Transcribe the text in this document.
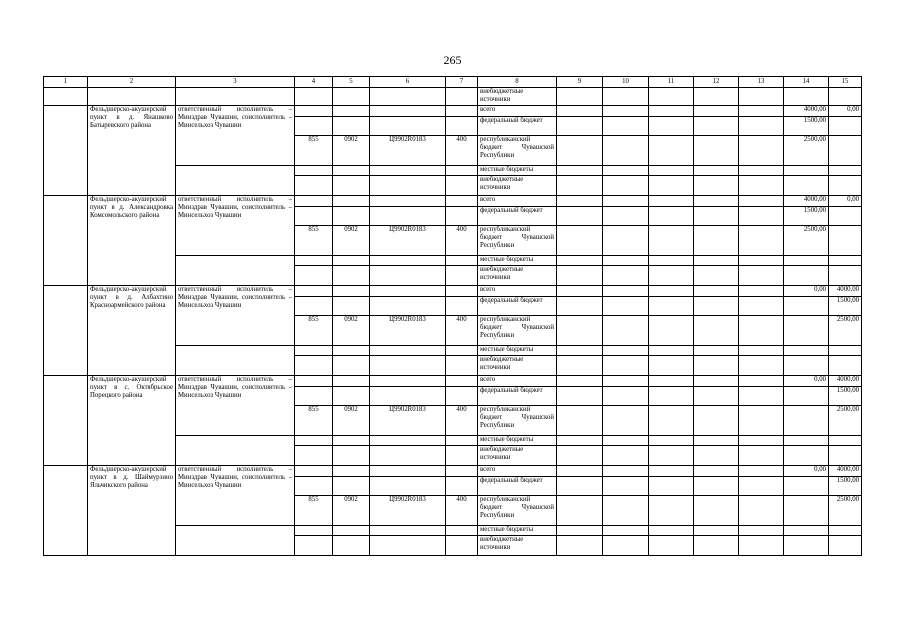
265
1	2	3	4	5	6	7	8	9	10	11	12	13	14	15
							внебюджетные источники							
	Фельдшерско-акушерский пункт в д. Янашково Батыревского района	ответственный исполнитель – Минздрав Чувашии, соисполнитель – Минсельхоз Чувашии					всего						4000,00	0,00
							федеральный бюджет						1500,00	
			855	0902	Ц9902R0183	400	республиканский бюджет Чувашской Республики						2500,00	
							местные бюджеты							
							внебюджетные источники							
	Фельдшерско-акушерский пункт в д. Александровка Комсомольского района	ответственный исполнитель – Минздрав Чувашии, соисполнитель – Минсельхоз Чувашии					всего						4000,00	0,00
							федеральный бюджет						1500,00	
			855	0902	Ц9902R0183	400	республиканский бюджет Чувашской Республики						2500,00	
							местные бюджеты							
							внебюджетные источники							
	Фельдшерско-акушерский пункт в д. Албахтино Красноармейского района	ответственный исполнитель – Минздрав Чувашии, соисполнитель – Минсельхоз Чувашии					всего						0,00	4000,00
							федеральный бюджет							1500,00
			855	0902	Ц9902R0183	400	республиканский бюджет Чувашской Республики							2500,00
							местные бюджеты							
							внебюджетные источники							
	Фельдшерско-акушерский пункт в с. Октябрьское Порецкого района	ответственный исполнитель – Минздрав Чувашии, соисполнитель – Минсельхоз Чувашии					всего						0,00	4000,00
							федеральный бюджет							1500,00
			855	0902	Ц9902R0183	400	республиканский бюджет Чувашской Республики							2500,00
							местные бюджеты							
							внебюджетные источники							
	Фельдшерско-акушерский пункт в д. Шаймурзино Яльчикского района	ответственный исполнитель – Минздрав Чувашии, соисполнитель – Минсельхоз Чувашии					всего						0,00	4000,00
							федеральный бюджет							1500,00
			855	0902	Ц9902R0183	400	республиканский бюджет Чувашской Республики							2500,00
							местные бюджеты							
							внебюджетные источники							
